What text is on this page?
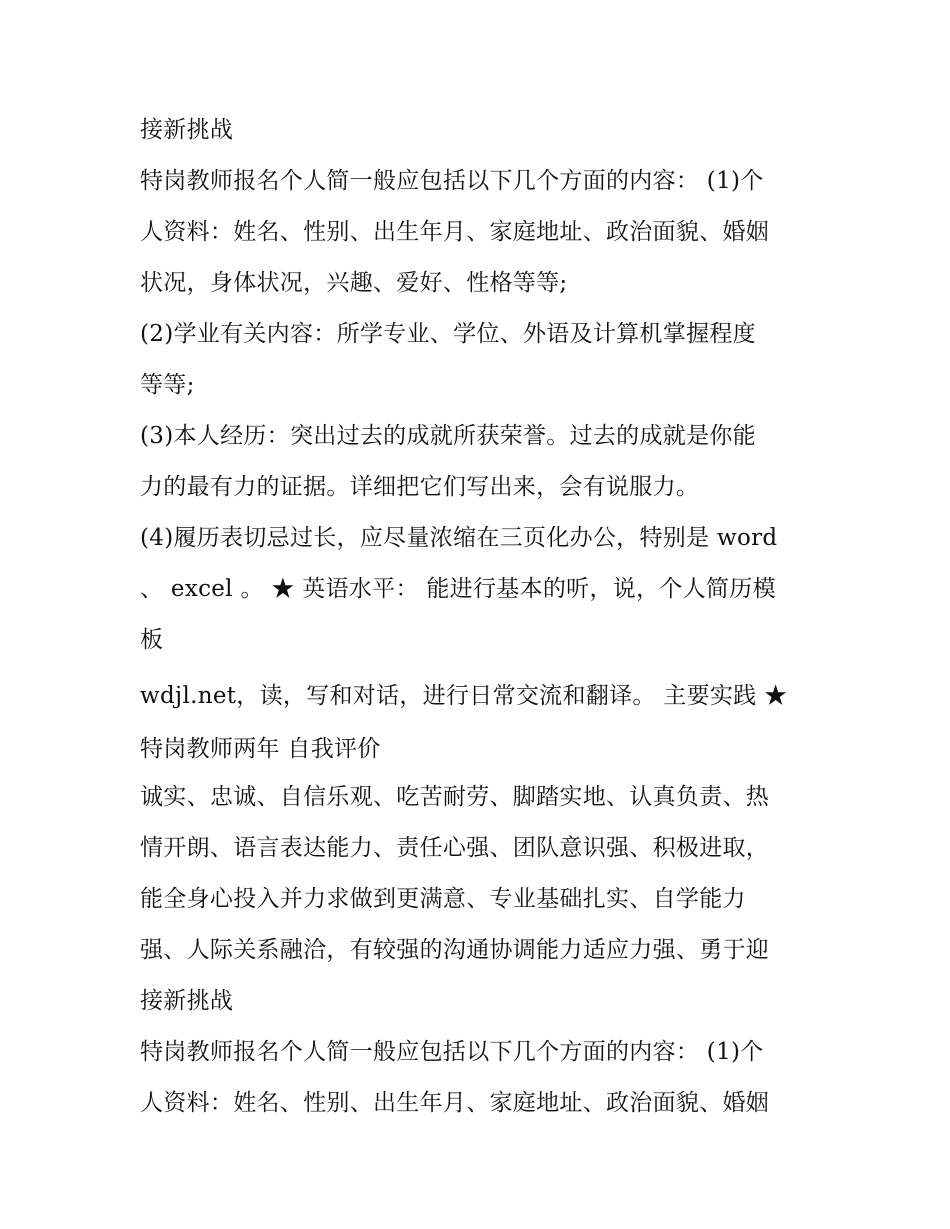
接新挑战
特岗教师报名个人简一般应包括以下几个方面的内容： (1)个
人资料：姓名、性别、出生年月、家庭地址、政治面貌、婚姻
状况，身体状况，兴趣、爱好、性格等等;
(2)学业有关内容：所学专业、学位、外语及计算机掌握程度
等等;
(3)本人经历：突出过去的成就所获荣誉。过去的成就是你能
力的最有力的证据。详细把它们写出来，会有说服力。
(4)履历表切忌过长，应尽量浓缩在三页化办公，特别是 word
、 excel 。 ★ 英语水平： 能进行基本的听，说，个人简历模
板
wdjl.net，读，写和对话，进行日常交流和翻译。 主要实践 ★
特岗教师两年 自我评价
诚实、忠诚、自信乐观、吃苦耐劳、脚踏实地、认真负责、热
情开朗、语言表达能力、责任心强、团队意识强、积极进取，
能全身心投入并力求做到更满意、专业基础扎实、自学能力
强、人际关系融洽，有较强的沟通协调能力适应力强、勇于迎
接新挑战
特岗教师报名个人简一般应包括以下几个方面的内容： (1)个
人资料：姓名、性别、出生年月、家庭地址、政治面貌、婚姻
